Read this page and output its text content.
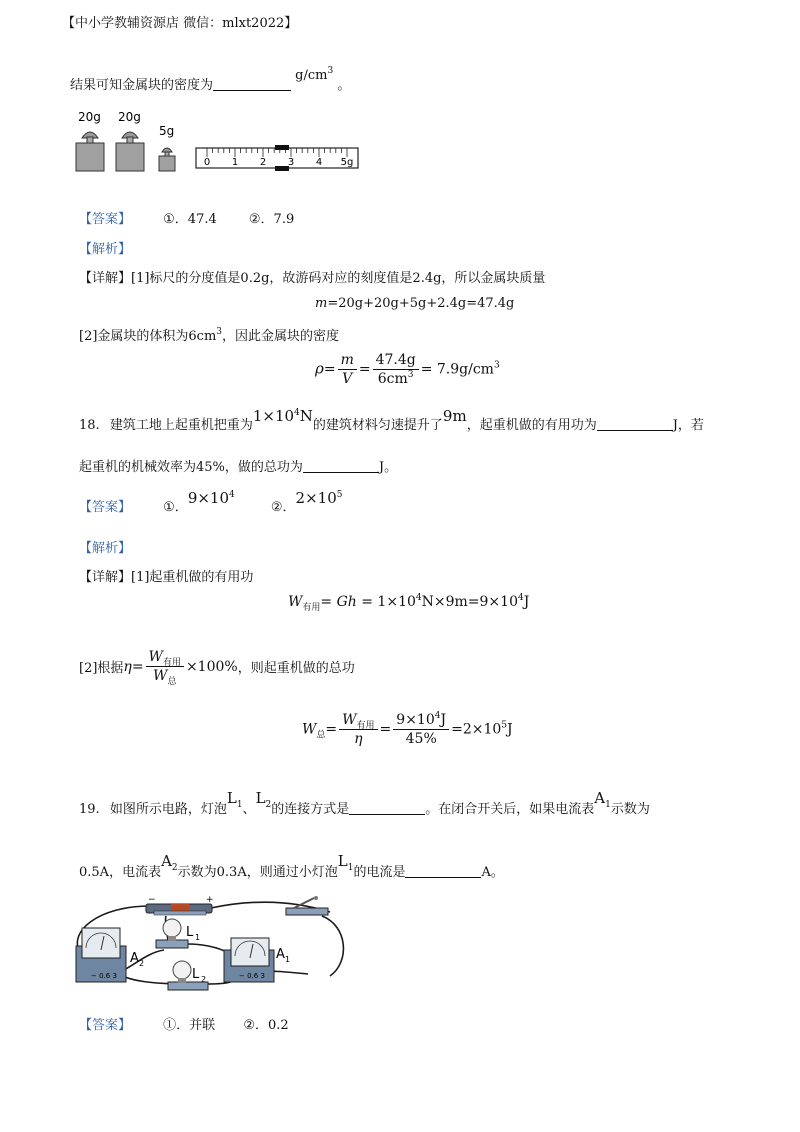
【中小学教辅资源店 微信：mlxt2022】
结果可知金属块的密度为 $g/cm^3$ 。
20g 20g
5g
0 1 2 3 4 5g
【答案】 ①．47.4 ②．7.9
【解析】
【详解】[1]标尺的分度值是0.2g，故游码对应的刻度值是2.4g，所以金属块质量
m=20g+20g+5g+2.4g=47.4g
[2]金属块的体积为$6cm^3$，因此金属块的密度
$\rho= \frac{m}{V} = \frac{47.4g}{6cm^3} = 7.9g/cm^3$
18. 建筑工地上起重机把重为$1\times 10^4N$的建筑材料匀速提升了9m，起重机做的有用功为	J，若
起重机的机械效率为45%，做的总功为	J。
【答案】 ①．$9\times 10^4$ ②．$2\times 10^5$
【解析】
【详解】[1]起重机做的有用功
$W_{有用}= Gh = 1\times 10^4N\times 9m=9\times 10^4J$
[2]根据$\eta= \frac{W_{有用}}{W_总} \times 100\%$，则起重机做的总功
$W_总= \frac{W_{有用}}{\eta} = \frac{9\times 10^4J}{45\%} =2\times 10^5J$
19. 如图所示电路，灯泡$L_1$、$L_2$的连接方式是	。在闭合开关后，如果电流表$A_1$示数为
0.5A，电流表$A_2$示数为0.3A，则通过小灯泡$L_1$的电流是	A。
−	+
− 0.6 3
A 2
L 1
L 2	− 0.6 3
A 1
【答案】 ①．并联 ②．0.2
